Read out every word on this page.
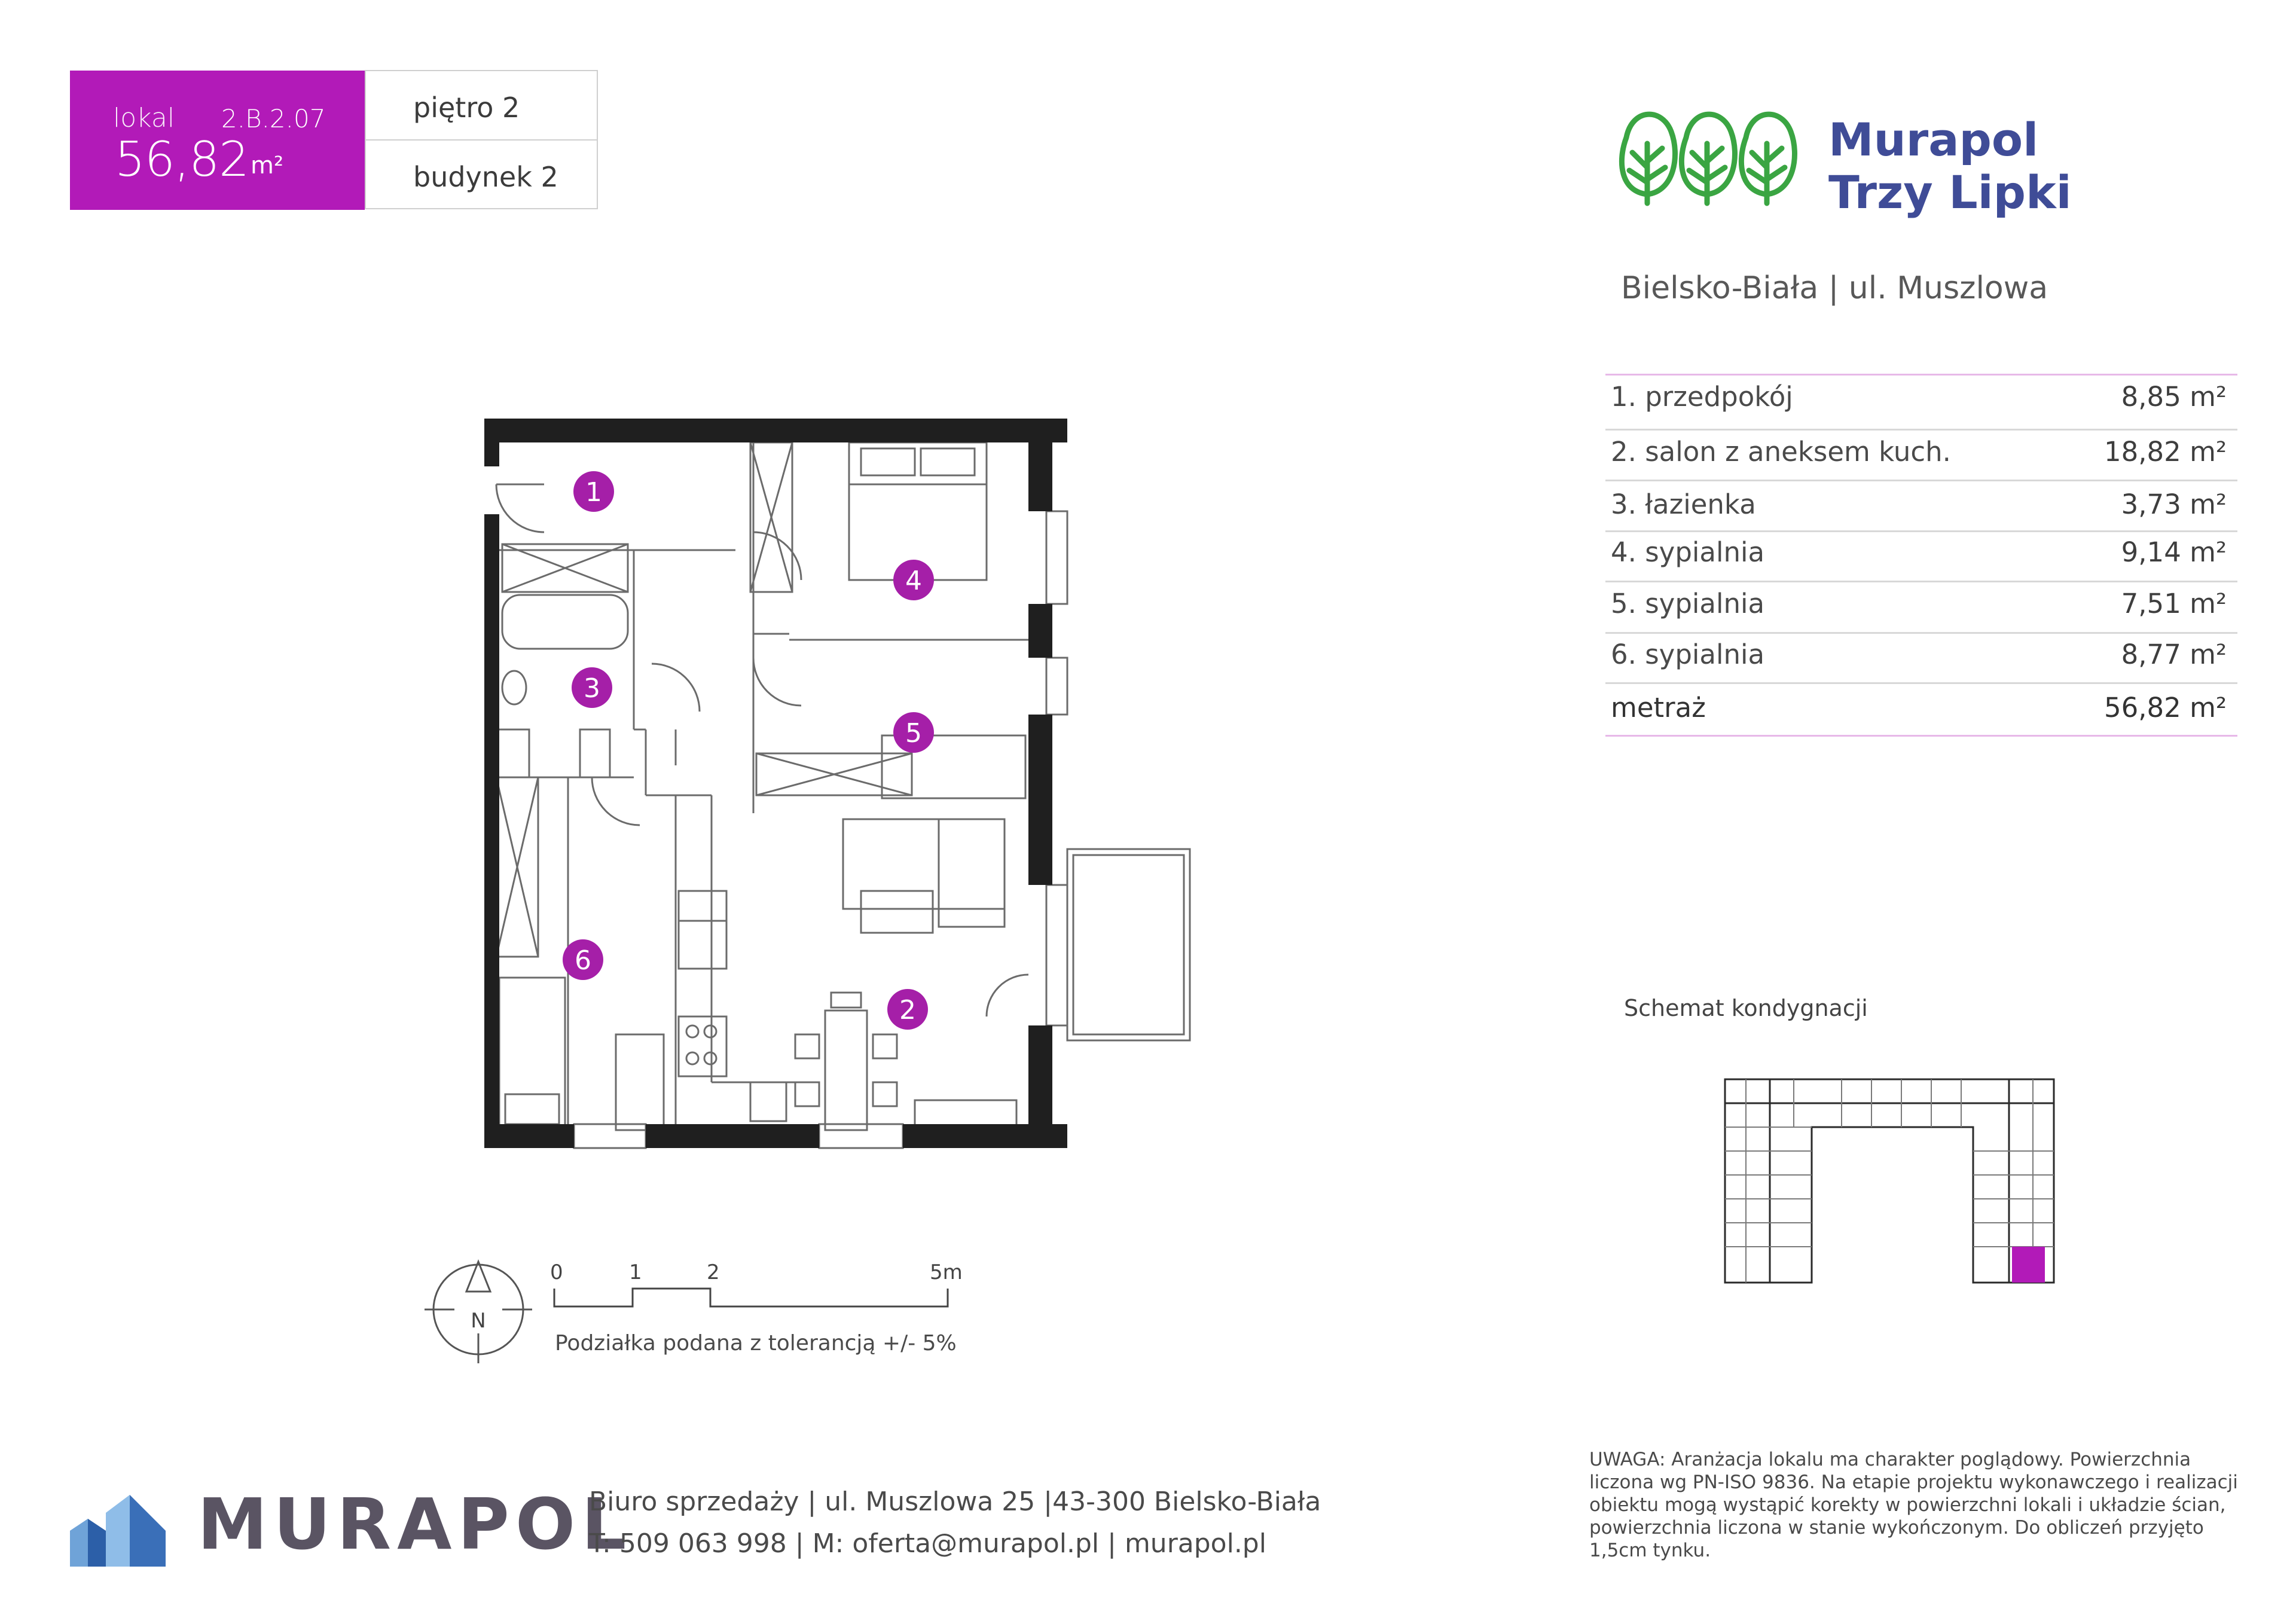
lokal 2.B.2.07
56,82 m²
piętro 2
budynek 2
Murapol
Trzy Lipki
Bielsko-Biała | ul. Muszlowa
1. przedpokój	8,85 m²
2. salon z aneksem kuch.	18,82 m²
3. łazienka	3,73 m²
4. sypialnia	9,14 m²
5. sypialnia	7,51 m²
6. sypialnia	8,77 m²
metraż	56,82 m²
1
2
3
4
5
6
N
0	1	2	5m
Podziałka podana z tolerancją +/- 5%
Schemat kondygnacji
MURAPOL
Biuro sprzedaży | ul. Muszlowa 25 |43-300 Bielsko-Biała
T: 509 063 998 | M: oferta@murapol.pl | murapol.pl
UWAGA: Aranżacja lokalu ma charakter poglądowy. Powierzchnia liczona wg PN-ISO 9836. Na etapie projektu wykonawczego i realizacji obiektu mogą wystąpić korekty w powierzchni lokali i układzie ścian, powierzchnia liczona w stanie wykończonym. Do obliczeń przyjęto 1,5cm tynku.
